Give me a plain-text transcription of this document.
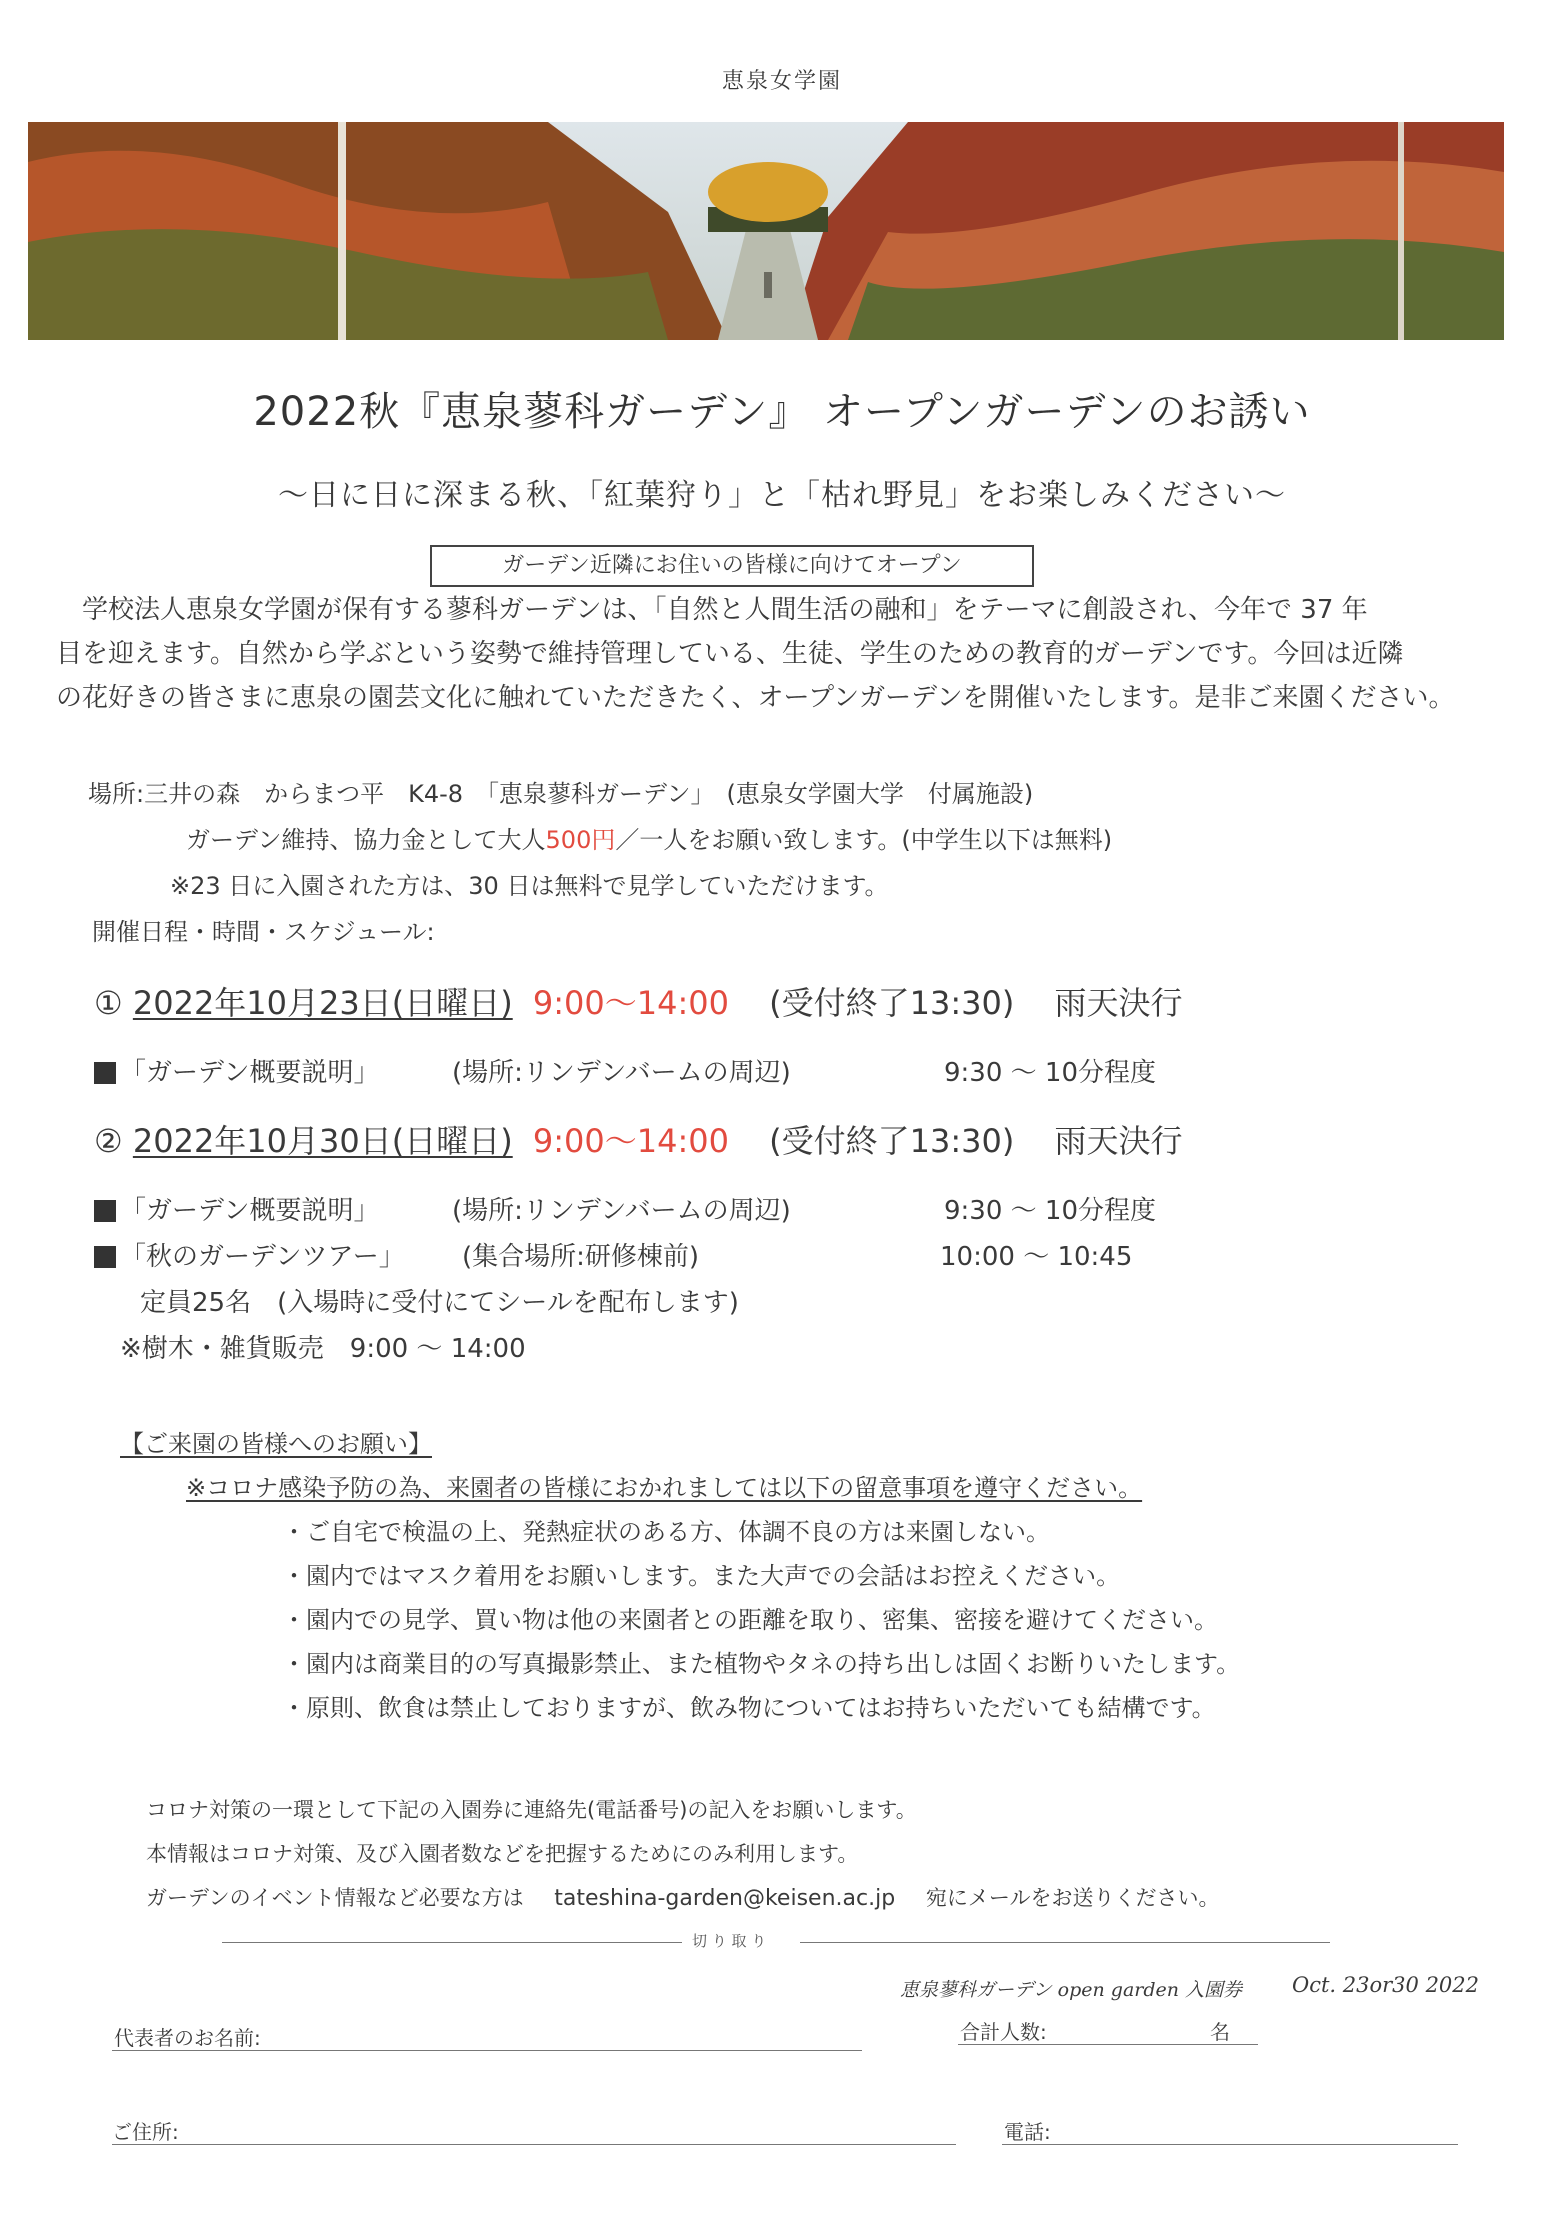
恵泉女学園
2022秋『恵泉蓼科ガーデン』 オープンガーデンのお誘い
～日に日に深まる秋、「紅葉狩り」と「枯れ野見」をお楽しみください～
ガーデン近隣にお住いの皆様に向けてオープン
学校法人恵泉女学園が保有する蓼科ガーデンは、「自然と人間生活の融和」をテーマに創設され、今年で 37 年
目を迎えます。自然から学ぶという姿勢で維持管理している、生徒、学生のための教育的ガーデンです。今回は近隣
の花好きの皆さまに恵泉の園芸文化に触れていただきたく、オープンガーデンを開催いたします。是非ご来園ください。
場所:三井の森　からまつ平　K4-8　「恵泉蓼科ガーデン」　(恵泉女学園大学　付属施設)
ガーデン維持、協力金として大人500円／一人をお願い致します。(中学生以下は無料)
※23 日に入園された方は、30 日は無料で見学していただけます。
開催日程・時間・スケジュール:
① 2022年10月23日(日曜日) 9:00～14:00 (受付終了13:30) 雨天決行
「ガーデン概要説明」	(場所:リンデンバームの周辺)	9:30 ～ 10分程度
② 2022年10月30日(日曜日) 9:00～14:00 (受付終了13:30) 雨天決行
「ガーデン概要説明」	(場所:リンデンバームの周辺)	9:30 ～ 10分程度
「秋のガーデンツアー」 (集合場所:研修棟前)	10:00 ～ 10:45
定員25名　(入場時に受付にてシールを配布します)
※樹木・雑貨販売　9:00 ～ 14:00
【ご来園の皆様へのお願い】
※コロナ感染予防の為、来園者の皆様におかれましては以下の留意事項を遵守ください。
・ご自宅で検温の上、発熱症状のある方、体調不良の方は来園しない。
・園内ではマスク着用をお願いします。また大声での会話はお控えください。
・園内での見学、買い物は他の来園者との距離を取り、密集、密接を避けてください。
・園内は商業目的の写真撮影禁止、また植物やタネの持ち出しは固くお断りいたします。
・原則、飲食は禁止しておりますが、飲み物についてはお持ちいただいても結構です。
コロナ対策の一環として下記の入園券に連絡先(電話番号)の記入をお願いします。
本情報はコロナ対策、及び入園者数などを把握するためにのみ利用します。
ガーデンのイベント情報など必要な方は tateshina-garden@keisen.ac.jp 宛にメールをお送りください。
切 り 取 り
恵泉蓼科ガーデン open garden 入園券 Oct. 23or30 2022
代表者のお名前:	合計人数:	名
ご住所:	電話:
